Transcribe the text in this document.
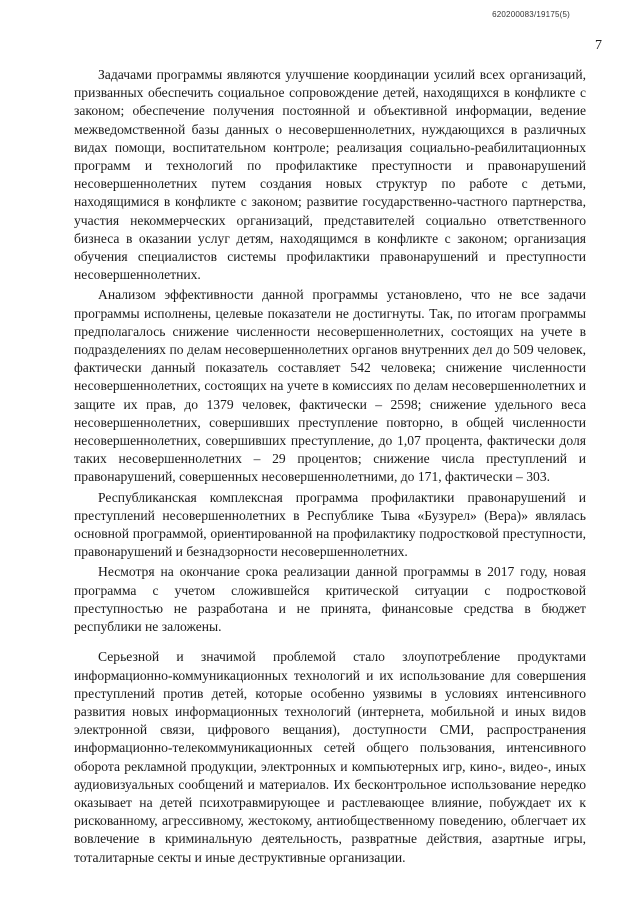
620200083/19175(5)
7

Задачами программы являются улучшение координации усилий всех организаций, призванных обеспечить социальное сопровождение детей, находящихся в конфликте с законом; обеспечение получения постоянной и объективной информации, ведение межведомственной базы данных о несовершеннолетних, нуждающихся в различных видах помощи, воспитательном контроле; реализация социально-реабилитационных программ и технологий по профилактике преступности и правонарушений несовершеннолетних путем создания новых структур по работе с детьми, находящимися в конфликте с законом; развитие государственно-частного партнерства, участия некоммерческих организаций, представителей социально ответственного бизнеса в оказании услуг детям, находящимся в конфликте с законом; организация обучения специалистов системы профилактики правонарушений и преступности несовершеннолетних.

Анализом эффективности данной программы установлено, что не все задачи программы исполнены, целевые показатели не достигнуты. Так, по итогам программы предполагалось снижение численности несовершеннолетних, состоящих на учете в подразделениях по делам несовершеннолетних органов внутренних дел до 509 человек, фактически данный показатель составляет 542 человека; снижение численности несовершеннолетних, состоящих на учете в комиссиях по делам несовершеннолетних и защите их прав, до 1379 человек, фактически – 2598; снижение удельного веса несовершеннолетних, совершивших преступление повторно, в общей численности несовершеннолетних, совершивших преступление, до 1,07 процента, фактически доля таких несовершеннолетних – 29 процентов; снижение числа преступлений и правонарушений, совершенных несовершеннолетними, до 171, фактически – 303.

Республиканская комплексная программа профилактики правонарушений и преступлений несовершеннолетних в Республике Тыва «Бузурел» (Вера)» являлась основной программой, ориентированной на профилактику подростковой преступности, правонарушений и безнадзорности несовершеннолетних.

Несмотря на окончание срока реализации данной программы в 2017 году, новая программа с учетом сложившейся критической ситуации с подростковой преступностью не разработана и не принята, финансовые средства в бюджет республики не заложены.

Серьезной и значимой проблемой стало злоупотребление продуктами информационно-коммуникационных технологий и их использование для совершения преступлений против детей, которые особенно уязвимы в условиях интенсивного развития новых информационных технологий (интернета, мобильной и иных видов электронной связи, цифрового вещания), доступности СМИ, распространения информационно-телекоммуникационных сетей общего пользования, интенсивного оборота рекламной продукции, электронных и компьютерных игр, кино-, видео-, иных аудиовизуальных сообщений и материалов. Их бесконтрольное использование нередко оказывает на детей психотравмирующее и растлевающее влияние, побуждает их к рискованному, агрессивному, жестокому, антиобщественному поведению, облегчает их вовлечение в криминальную деятельность, развратные действия, азартные игры, тоталитарные секты и иные деструктивные организации.
